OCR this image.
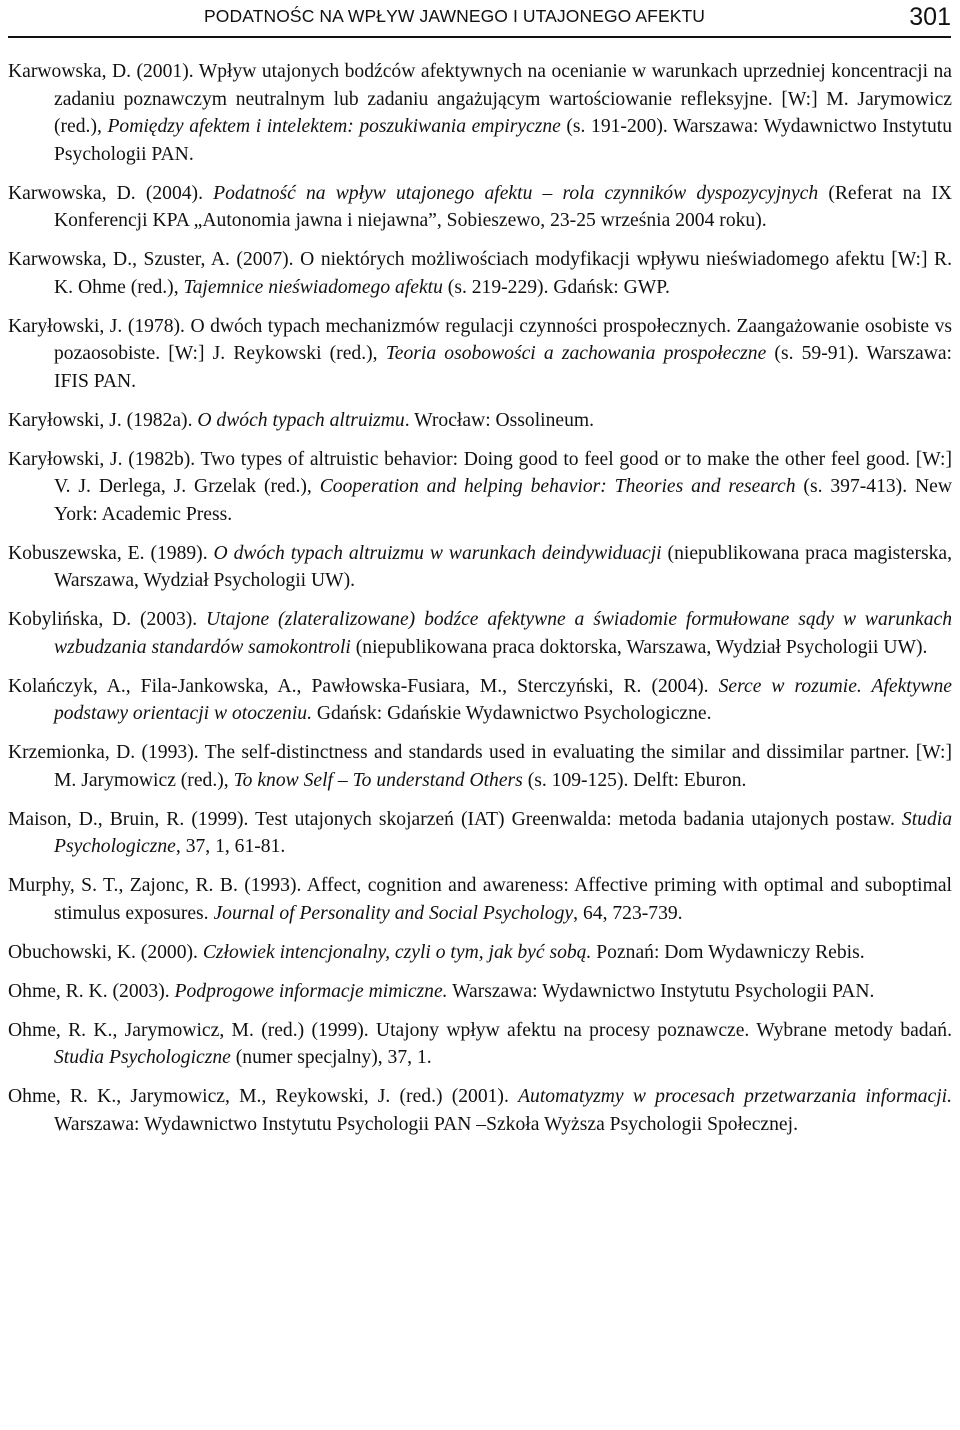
PODATNOŚC NA WPŁYW JAWNEGO I UTAJONEGO AFEKTU	301

Karwowska, D. (2001). Wpływ utajonych bodźców afektywnych na ocenianie w warunkach uprzedniej koncentracji na zadaniu poznawczym neutralnym lub zadaniu angażującym wartościowanie refleksyjne. [W:] M. Jarymowicz (red.), Pomiędzy afektem i intelektem: poszukiwania empiryczne (s. 191-200). Warszawa: Wydawnictwo Instytutu Psychologii PAN.

Karwowska, D. (2004). Podatność na wpływ utajonego afektu – rola czynników dyspozycyjnych (Referat na IX Konferencji KPA „Autonomia jawna i niejawna”, Sobieszewo, 23-25 września 2004 roku).

Karwowska, D., Szuster, A. (2007). O niektórych możliwościach modyfikacji wpływu nieświadomego afektu [W:] R. K. Ohme (red.), Tajemnice nieświadomego afektu (s. 219-229). Gdańsk: GWP.

Karyłowski, J. (1978). O dwóch typach mechanizmów regulacji czynności prospołecznych. Zaangażowanie osobiste vs pozaosobiste. [W:] J. Reykowski (red.), Teoria osobowości a zachowania prospołeczne (s. 59-91). Warszawa: IFIS PAN.

Karyłowski, J. (1982a). O dwóch typach altruizmu. Wrocław: Ossolineum.

Karyłowski, J. (1982b). Two types of altruistic behavior: Doing good to feel good or to make the other feel good. [W:] V. J. Derlega, J. Grzelak (red.), Cooperation and helping behavior: Theories and research (s. 397-413). New York: Academic Press.

Kobuszewska, E. (1989). O dwóch typach altruizmu w warunkach deindywiduacji (niepublikowana praca magisterska, Warszawa, Wydział Psychologii UW).

Kobylińska, D. (2003). Utajone (zlateralizowane) bodźce afektywne a świadomie formułowane sądy w warunkach wzbudzania standardów samokontroli (niepublikowana praca doktorska, Warszawa, Wydział Psychologii UW).

Kolańczyk, A., Fila-Jankowska, A., Pawłowska-Fusiara, M., Sterczyński, R. (2004). Serce w rozumie. Afektywne podstawy orientacji w otoczeniu. Gdańsk: Gdańskie Wydawnictwo Psychologiczne.

Krzemionka, D. (1993). The self-distinctness and standards used in evaluating the similar and dissimilar partner. [W:] M. Jarymowicz (red.), To know Self – To understand Others (s. 109-125). Delft: Eburon.

Maison, D., Bruin, R. (1999). Test utajonych skojarzeń (IAT) Greenwalda: metoda badania utajonych postaw. Studia Psychologiczne, 37, 1, 61-81.

Murphy, S. T., Zajonc, R. B. (1993). Affect, cognition and awareness: Affective priming with optimal and suboptimal stimulus exposures. Journal of Personality and Social Psychology, 64, 723-739.

Obuchowski, K. (2000). Człowiek intencjonalny, czyli o tym, jak być sobą. Poznań: Dom Wydawniczy Rebis.

Ohme, R. K. (2003). Podprogowe informacje mimiczne. Warszawa: Wydawnictwo Instytutu Psychologii PAN.

Ohme, R. K., Jarymowicz, M. (red.) (1999). Utajony wpływ afektu na procesy poznawcze. Wybrane metody badań. Studia Psychologiczne (numer specjalny), 37, 1.

Ohme, R. K., Jarymowicz, M., Reykowski, J. (red.) (2001). Automatyzmy w procesach przetwarzania informacji. Warszawa: Wydawnictwo Instytutu Psychologii PAN –Szkoła Wyższa Psychologii Społecznej.
